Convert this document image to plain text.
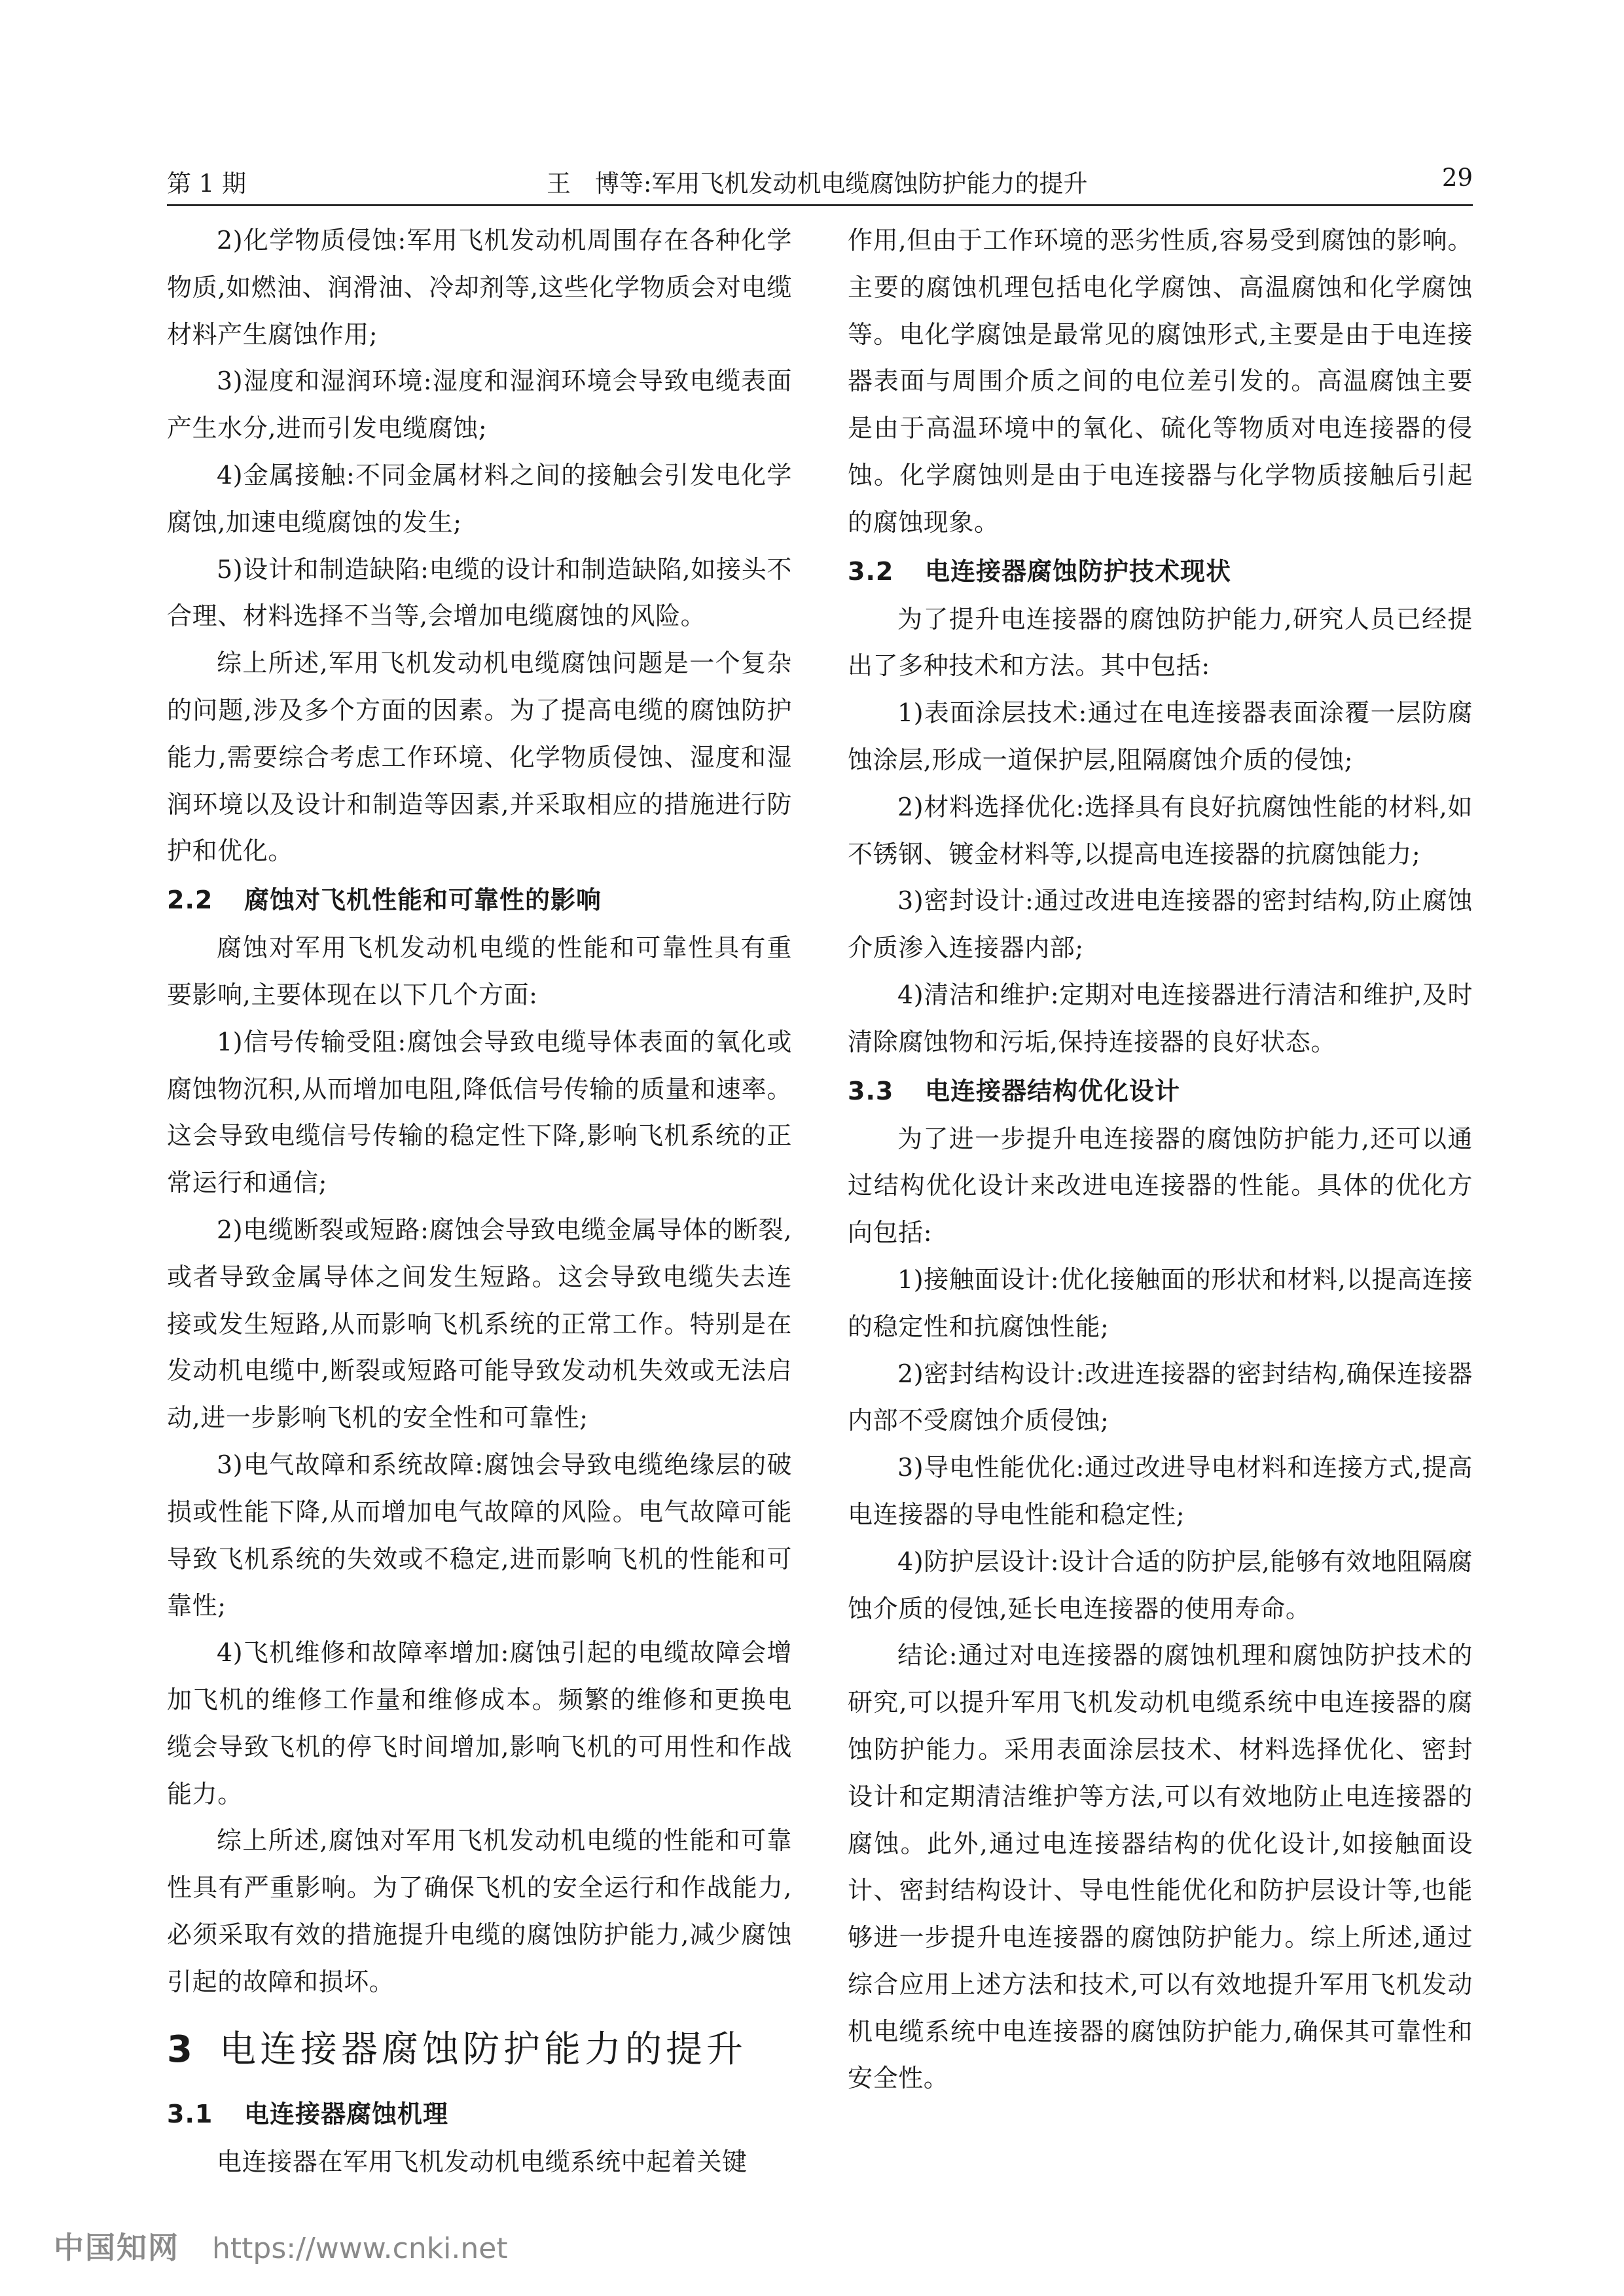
第 1 期	王　博等:军用飞机发动机电缆腐蚀防护能力的提升	29

2)化学物质侵蚀:军用飞机发动机周围存在各种化学物质,如燃油、润滑油、冷却剂等,这些化学物质会对电缆材料产生腐蚀作用;

3)湿度和湿润环境:湿度和湿润环境会导致电缆表面产生水分,进而引发电缆腐蚀;

4)金属接触:不同金属材料之间的接触会引发电化学腐蚀,加速电缆腐蚀的发生;

5)设计和制造缺陷:电缆的设计和制造缺陷,如接头不合理、材料选择不当等,会增加电缆腐蚀的风险。

综上所述,军用飞机发动机电缆腐蚀问题是一个复杂的问题,涉及多个方面的因素。为了提高电缆的腐蚀防护能力,需要综合考虑工作环境、化学物质侵蚀、湿度和湿润环境以及设计和制造等因素,并采取相应的措施进行防护和优化。

2.2 腐蚀对飞机性能和可靠性的影响

腐蚀对军用飞机发动机电缆的性能和可靠性具有重要影响,主要体现在以下几个方面:

1)信号传输受阻:腐蚀会导致电缆导体表面的氧化或腐蚀物沉积,从而增加电阻,降低信号传输的质量和速率。这会导致电缆信号传输的稳定性下降,影响飞机系统的正常运行和通信;

2)电缆断裂或短路:腐蚀会导致电缆金属导体的断裂,或者导致金属导体之间发生短路。这会导致电缆失去连接或发生短路,从而影响飞机系统的正常工作。特别是在发动机电缆中,断裂或短路可能导致发动机失效或无法启动,进一步影响飞机的安全性和可靠性;

3)电气故障和系统故障:腐蚀会导致电缆绝缘层的破损或性能下降,从而增加电气故障的风险。电气故障可能导致飞机系统的失效或不稳定,进而影响飞机的性能和可靠性;

4)飞机维修和故障率增加:腐蚀引起的电缆故障会增加飞机的维修工作量和维修成本。频繁的维修和更换电缆会导致飞机的停飞时间增加,影响飞机的可用性和作战能力。

综上所述,腐蚀对军用飞机发动机电缆的性能和可靠性具有严重影响。为了确保飞机的安全运行和作战能力,必须采取有效的措施提升电缆的腐蚀防护能力,减少腐蚀引起的故障和损坏。

3 电连接器腐蚀防护能力的提升
3.1 电连接器腐蚀机理

电连接器在军用飞机发动机电缆系统中起着关键

作用,但由于工作环境的恶劣性质,容易受到腐蚀的影响。主要的腐蚀机理包括电化学腐蚀、高温腐蚀和化学腐蚀等。电化学腐蚀是最常见的腐蚀形式,主要是由于电连接器表面与周围介质之间的电位差引发的。高温腐蚀主要是由于高温环境中的氧化、硫化等物质对电连接器的侵蚀。化学腐蚀则是由于电连接器与化学物质接触后引起的腐蚀现象。

3.2 电连接器腐蚀防护技术现状

为了提升电连接器的腐蚀防护能力,研究人员已经提出了多种技术和方法。其中包括:

1)表面涂层技术:通过在电连接器表面涂覆一层防腐蚀涂层,形成一道保护层,阻隔腐蚀介质的侵蚀;

2)材料选择优化:选择具有良好抗腐蚀性能的材料,如不锈钢、镀金材料等,以提高电连接器的抗腐蚀能力;

3)密封设计:通过改进电连接器的密封结构,防止腐蚀介质渗入连接器内部;

4)清洁和维护:定期对电连接器进行清洁和维护,及时清除腐蚀物和污垢,保持连接器的良好状态。

3.3 电连接器结构优化设计

为了进一步提升电连接器的腐蚀防护能力,还可以通过结构优化设计来改进电连接器的性能。具体的优化方向包括:

1)接触面设计:优化接触面的形状和材料,以提高连接的稳定性和抗腐蚀性能;

2)密封结构设计:改进连接器的密封结构,确保连接器内部不受腐蚀介质侵蚀;

3)导电性能优化:通过改进导电材料和连接方式,提高电连接器的导电性能和稳定性;

4)防护层设计:设计合适的防护层,能够有效地阻隔腐蚀介质的侵蚀,延长电连接器的使用寿命。

结论:通过对电连接器的腐蚀机理和腐蚀防护技术的研究,可以提升军用飞机发动机电缆系统中电连接器的腐蚀防护能力。采用表面涂层技术、材料选择优化、密封设计和定期清洁维护等方法,可以有效地防止电连接器的腐蚀。此外,通过电连接器结构的优化设计,如接触面设计、密封结构设计、导电性能优化和防护层设计等,也能够进一步提升电连接器的腐蚀防护能力。综上所述,通过综合应用上述方法和技术,可以有效地提升军用飞机发动机电缆系统中电连接器的腐蚀防护能力,确保其可靠性和安全性。

中国知网 https://www.cnki.net
